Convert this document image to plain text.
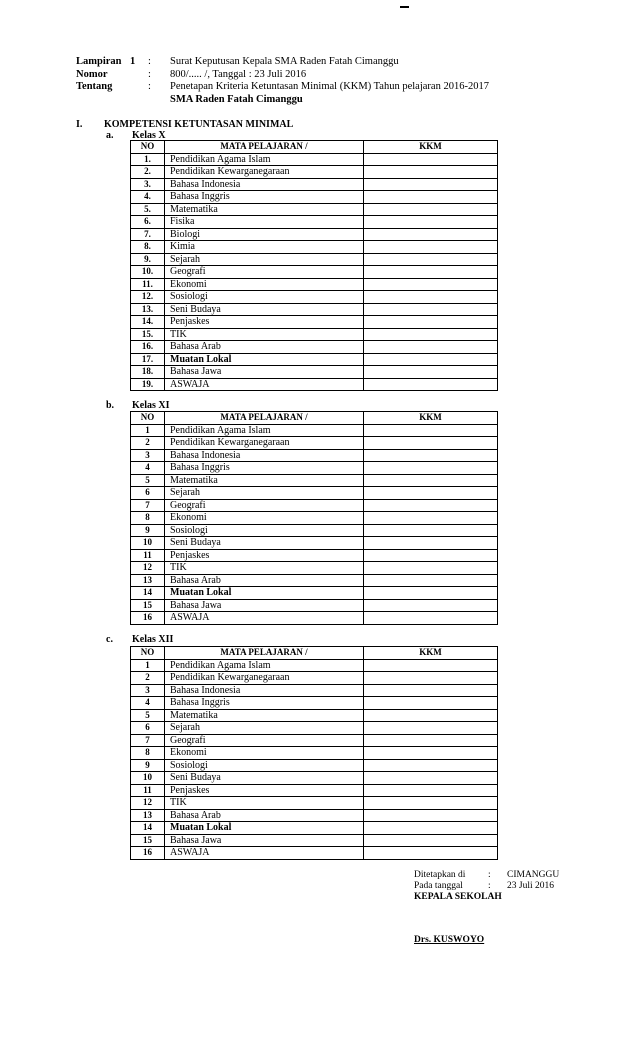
Lampiran 1 : Surat Keputusan Kepala SMA Raden Fatah Cimanggu
Nomor	: 800/..... /, Tanggal : 23 Juli 2016
Tentang	: Penetapan Kriteria Ketuntasan Minimal (KKM) Tahun pelajaran 2016-2017
SMA Raden Fatah Cimanggu
I. KOMPETENSI KETUNTASAN MINIMAL
a. Kelas X
NO	MATA PELAJARAN /	KKM
1.	Pendidikan Agama Islam	
2.	Pendidikan Kewarganegaraan	
3.	Bahasa Indonesia	
4.	Bahasa Inggris	
5.	Matematika	
6.	Fisika	
7.	Biologi	
8.	Kimia	
9.	Sejarah	
10.	Geografi	
11.	Ekonomi	
12.	Sosiologi	
13.	Seni Budaya	
14.	Penjaskes	
15.	TIK	
16.	Bahasa Arab	
17.	Muatan Lokal	
18.	Bahasa Jawa	
19.	ASWAJA	
b. Kelas XI
NO	MATA PELAJARAN /	KKM
1	Pendidikan Agama Islam	
2	Pendidikan Kewarganegaraan	
3	Bahasa Indonesia	
4	Bahasa Inggris	
5	Matematika	
6	Sejarah	
7	Geografi	
8	Ekonomi	
9	Sosiologi	
10	Seni Budaya	
11	Penjaskes	
12	TIK	
13	Bahasa Arab	
14	Muatan Lokal	
15	Bahasa Jawa	
16	ASWAJA	
c. Kelas XII
NO	MATA PELAJARAN /	KKM
1	Pendidikan Agama Islam	
2	Pendidikan Kewarganegaraan	
3	Bahasa Indonesia	
4	Bahasa Inggris	
5	Matematika	
6	Sejarah	
7	Geografi	
8	Ekonomi	
9	Sosiologi	
10	Seni Budaya	
11	Penjaskes	
12	TIK	
13	Bahasa Arab	
14	Muatan Lokal	
15	Bahasa Jawa	
16	ASWAJA	
Ditetapkan di : CIMANGGU
Pada tanggal	: 23 Juli 2016
KEPALA SEKOLAH
Drs. KUSWOYO
